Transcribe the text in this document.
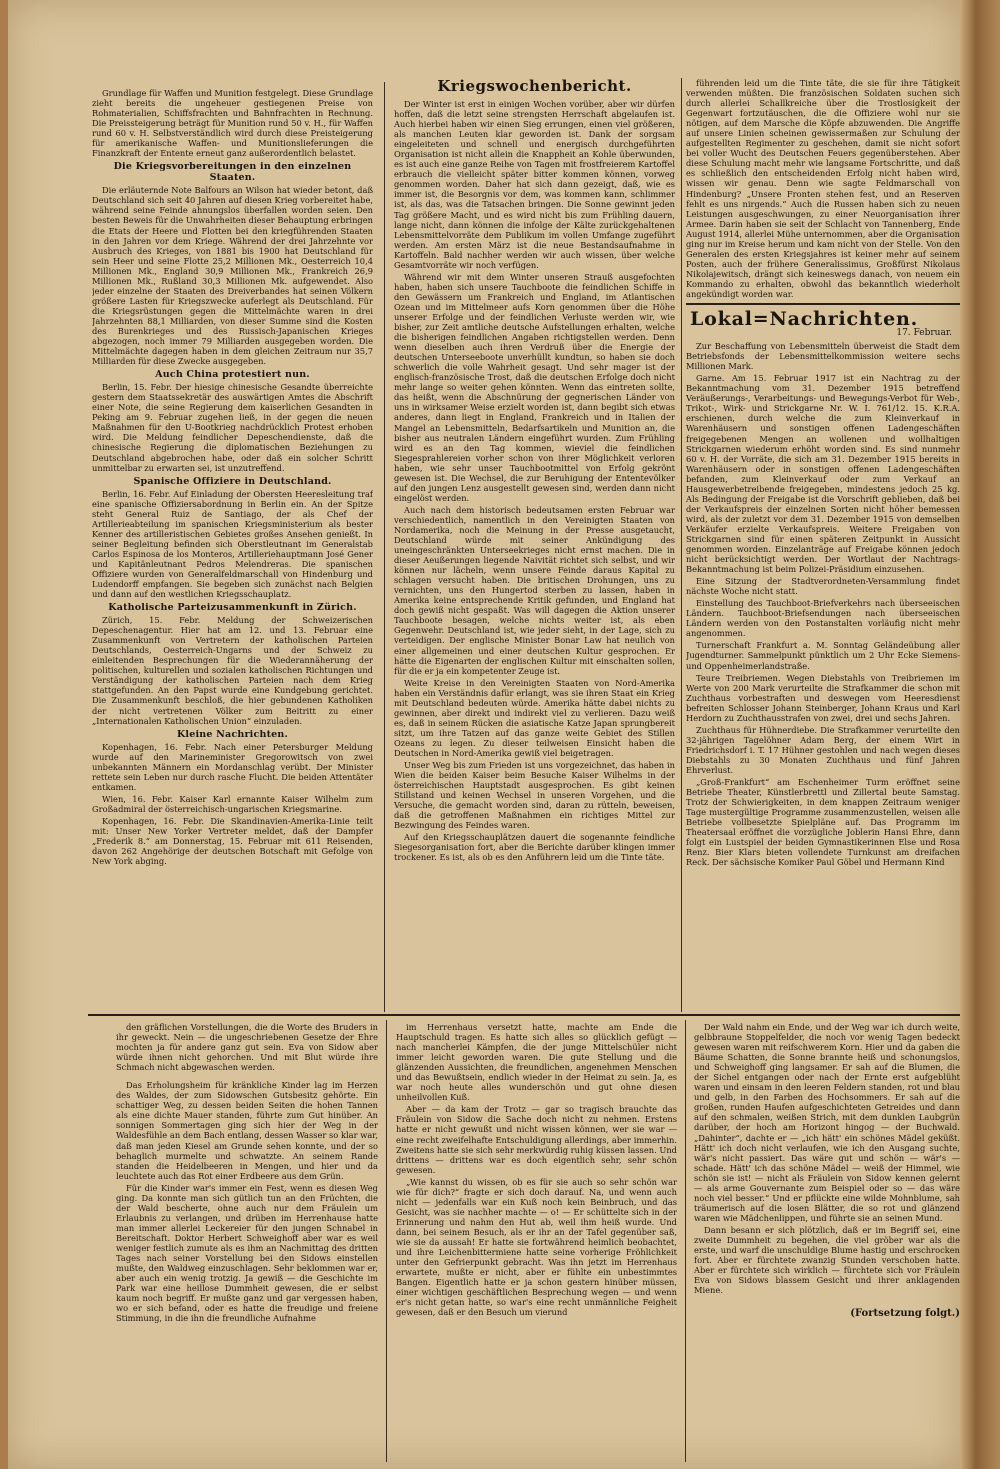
Grundlage für Waffen und Munition festgelegt. Diese Grundlage zieht bereits die ungeheuer gestiegenen Preise von Rohmaterialien, Schiffsfrachten und Bahnfrachten in Rechnung. Die Preissteigerung beträgt für Munition rund 50 v. H., für Waffen rund 60 v. H. Selbstverständlich wird durch diese Preisteigerung für amerikanische Waffen- und Munitionslieferungen die Finanzkraft der Entente erneut ganz außerordentlich belastet.

Die Kriegsvorbereitungen in den einzelnen Staaten.

Die erläuternde Note Balfours an Wilson hat wieder betont, daß Deutschland sich seit 40 Jahren auf diesen Krieg vorbereitet habe, während seine Feinde ahnungslos überfallen worden seien. Den besten Beweis für die Unwahrheiten dieser Behauptung erbringen die Etats der Heere und Flotten bei den kriegführenden Staaten in den Jahren vor dem Kriege. Während der drei Jahrzehnte vor Ausbruch des Krieges, von 1881 bis 1900 hat Deutschland für sein Heer und seine Flotte 25,2 Millionen Mk., Oesterreich 10,4 Millionen Mk., England 30,9 Millionen Mk., Frankreich 26,9 Millionen Mk., Rußland 30,3 Millionen Mk. aufgewendet. Also jeder einzelne der Staaten des Dreiverbandes hat seinen Völkern größere Lasten für Kriegszwecke auferlegt als Deutschland. Für die Kriegsrüstungen gegen die Mittelmächte waren in drei Jahrzehnten 88,1 Milliarden, von dieser Summe sind die Kosten des Burenkrieges und des Russisch-Japanischen Krieges abgezogen, noch immer 79 Milliarden ausgegeben worden. Die Mittelmächte dagegen haben in dem gleichen Zeitraum nur 35,7 Milliarden für diese Zwecke ausgegeben.

Auch China protestiert nun.

Berlin, 15. Febr. Der hiesige chinesische Gesandte überreichte gestern dem Staatssekretär des auswärtigen Amtes die Abschrift einer Note, die seine Regierung dem kaiserlichen Gesandten in Peking am 9. Februar zugehen ließ, in der gegen die neuen Maßnahmen für den U-Bootkrieg nachdrücklich Protest erhoben wird. Die Meldung feindlicher Depeschendienste, daß die chinesische Regierung die diplomatischen Beziehungen zu Deutschland abgebrochen habe, oder daß ein solcher Schritt unmittelbar zu erwarten sei, ist unzutreffend.

Spanische Offiziere in Deutschland.

Berlin, 16. Febr. Auf Einladung der Obersten Heeresleitung traf eine spanische Offiziersabordnung in Berlin ein. An der Spitze steht General Ruiz de Santiago, der als Chef der Artillerieabteilung im spanischen Kriegsministerium als bester Kenner des artilleristischen Gebietes großes Ansehen genießt. In seiner Begleitung befinden sich Oberstleutnant im Generalstab Carlos Espinosa de los Monteros, Artilleriehauptmann José Gener und Kapitänleutnant Pedros Melendreras. Die spanischen Offiziere wurden von Generalfeldmarschall von Hindenburg und Ludendorff empfangen. Sie begeben sich zunächst nach Belgien und dann auf den westlichen Kriegsschauplatz.

Katholische Parteizusammenkunft in Zürich.

Zürich, 15. Febr. Meldung der Schweizerischen Depeschenagentur. Hier hat am 12. und 13. Februar eine Zusammenkunft von Vertretern der katholischen Parteien Deutschlands, Oesterreich-Ungarns und der Schweiz zu einleitenden Besprechungen für die Wiederannäherung der politischen, kulturellen und sozialen katholischen Richtungen und Verständigung der katholischen Parteien nach dem Krieg stattgefunden. An den Papst wurde eine Kundgebung gerichtet. Die Zusammenkunft beschloß, die hier gebundenen Katholiken der nicht vertretenen Völker zum Beitritt zu einer „Internationalen Katholischen Union“ einzuladen.

Kleine Nachrichten.

Kopenhagen, 16. Febr. Nach einer Petersburger Meldung wurde auf den Marineminister Gregorowitsch von zwei unbekannten Männern ein Mordanschlag verübt. Der Minister rettete sein Leben nur durch rasche Flucht. Die beiden Attentäter entkamen.

Wien, 16. Febr. Kaiser Karl ernannte Kaiser Wilhelm zum Großadmiral der österreichisch-ungarischen Kriegsmarine.

Kopenhagen, 16. Febr. Die Skandinavien-Amerika-Linie teilt mit: Unser New Yorker Vertreter meldet, daß der Dampfer „Frederik 8.“ am Donnerstag, 15. Februar mit 611 Reisenden, davon 262 Angehörige der deutschen Botschaft mit Gefolge von New York abging.

Kriegswochenbericht.

Der Winter ist erst in einigen Wochen vorüber, aber wir dürfen hoffen, daß die letzt seine strengsten Herrschaft abgelaufen ist. Auch hierbei haben wir einen Sieg errungen, einen viel größeren, als manchen Leuten klar geworden ist. Dank der sorgsam eingeleiteten und schnell und energisch durchgeführten Organisation ist nicht allein die Knappheit an Kohle überwunden, es ist auch eine ganze Reihe von Tagen mit frostfreierem Kartoffel erbrauch die vielleicht später bitter kommen können, vorweg genommen worden. Daher hat sich dann gezeigt, daß, wie es immer ist, die Besorgnis vor dem, was kommen kann, schlimmer ist, als das, was die Tatsachen bringen. Die Sonne gewinnt jeden Tag größere Macht, und es wird nicht bis zum Frühling dauern, lange nicht, dann können die infolge der Kälte zurückgehaltenen Lebensmittelvorräte dem Publikum im vollen Umfange zugeführt werden. Am ersten März ist die neue Bestandsaufnahme in Kartoffeln. Bald nachher werden wir auch wissen, über welche Gesamtvorräte wir noch verfügen.

Während wir mit dem Winter unseren Strauß ausgefochten haben, haben sich unsere Tauchboote die feindlichen Schiffe in den Gewässern um Frankreich und England, im Atlantischen Ozean und im Mittelmeer aufs Korn genommen über die Höhe unserer Erfolge und der feindlichen Verluste werden wir, wie bisher, zur Zeit amtliche deutsche Aufstellungen erhalten, welche die bisherigen feindlichen Angaben richtigstellen werden. Denn wenn dieselben auch ihren Verdruß über die Energie der deutschen Unterseeboote unverhüllt kundtun, so haben sie doch schwerlich die volle Wahrheit gesagt. Und sehr mager ist der englisch-französische Trost, daß die deutschen Erfolge doch nicht mehr lange so weiter gehen könnten. Wenn das eintreten sollte, das heißt, wenn die Abschnürung der gegnerischen Länder von uns in wirksamer Weise erzielt worden ist, dann begibt sich etwas anderes, dann liegt in England, Frankreich und in Italien der Mangel an Lebensmitteln, Bedarfsartikeln und Munition an, die bisher aus neutralen Ländern eingeführt wurden. Zum Frühling wird es an den Tag kommen, wieviel die feindlichen Siegesprahlereien vorher schon von ihrer Möglichkeit verloren haben, wie sehr unser Tauchbootmittel von Erfolg gekrönt gewesen ist. Die Wechsel, die zur Beruhigung der Ententevölker auf den jungen Lenz ausgestellt gewesen sind, werden dann nicht eingelöst werden.

Auch nach dem historisch bedeutsamen ersten Februar war verschiedentlich, namentlich in den Vereinigten Staaten von Nordamerika, noch die Meinung in der Presse ausgetaucht, Deutschland würde mit seiner Ankündigung des uneingeschränkten Unterseekrieges nicht ernst machen. Die in dieser Aeußerungen liegende Naivität richtet sich selbst, und wir können nur lächeln, wenn unsere Feinde daraus Kapital zu schlagen versucht haben. Die britischen Drohungen, uns zu vernichten, uns den Hungertod sterben zu lassen, haben in Amerika keine entsprechende Kritik gefunden, und England hat doch gewiß nicht gespaßt. Was will dagegen die Aktion unserer Tauchboote besagen, welche nichts weiter ist, als eben Gegenwehr. Deutschland ist, wie jeder sieht, in der Lage, sich zu verteidigen. Der englische Minister Bonar Law hat neulich von einer allgemeinen und einer deutschen Kultur gesprochen. Er hätte die Eigenarten der englischen Kultur mit einschalten sollen, für die er ja ein kompetenter Zeuge ist.

Weite Kreise in den Vereinigten Staaten von Nord-Amerika haben ein Verständnis dafür erlangt, was sie ihren Staat ein Krieg mit Deutschland bedeuten würde. Amerika hätte dabei nichts zu gewinnen, aber direkt und indirekt viel zu verlieren. Dazu weiß es, daß in seinem Rücken die asiatische Katze Japan sprungbereit sitzt, um ihre Tatzen auf das ganze weite Gebiet des Stillen Ozeans zu legen. Zu dieser teilweisen Einsicht haben die Deutschen in Nord-Amerika gewiß viel beigetragen.

Unser Weg bis zum Frieden ist uns vorgezeichnet, das haben in Wien die beiden Kaiser beim Besuche Kaiser Wilhelms in der österreichischen Hauptstadt ausgesprochen. Es gibt keinen Stillstand und keinen Wechsel in unseren Vorgehen, und die Versuche, die gemacht worden sind, daran zu rütteln, beweisen, daß die getroffenen Maßnahmen ein richtiges Mittel zur Bezwingung des Feindes waren.

Auf den Kriegsschauplätzen dauert die sogenannte feindliche Siegesorganisation fort, aber die Berichte darüber klingen immer trockener. Es ist, als ob es den Anführern leid um die Tinte täte.

führenden leid um die Tinte täte, die sie für ihre Tätigkeit verwenden müßten. Die französischen Soldaten suchen sich durch allerlei Schallkreiche über die Trostlosigkeit der Gegenwart fortzutäuschen, die die Offiziere wohl nur sie nötigen, auf dem Marsche die Köpfe abzuwenden. Die Angriffe auf unsere Linien scheinen gewissermaßen zur Schulung der aufgestellten Regimenter zu geschehen, damit sie nicht sofort bei voller Wucht des Deutschen Feuers gegenüberstehen. Aber diese Schulung macht mehr wie langsame Fortschritte, und daß es schließlich den entscheidenden Erfolg nicht haben wird, wissen wir genau. Denn wie sagte Feldmarschall von Hindenburg? „Unsere Fronten stehen fest, und an Reserven fehlt es uns nirgends.“ Auch die Russen haben sich zu neuen Leistungen ausgeschwungen, zu einer Neuorganisation ihrer Armee. Darin haben sie seit der Schlacht von Tannenberg, Ende August 1914, allerlei Mühe unternommen, aber die Organisation ging nur im Kreise herum und kam nicht von der Stelle. Von den Generalen des ersten Kriegsjahres ist keiner mehr auf seinem Posten, auch der frühere Generalissimus, Großfürst Nikolaus Nikolajewitsch, drängt sich keineswegs danach, von neuem ein Kommando zu erhalten, obwohl das bekanntlich wiederholt angekündigt worden war.

Lokal=Nachrichten.
17. Februar.

Zur Beschaffung von Lebensmitteln überweist die Stadt dem Betriebsfonds der Lebensmittelkommission weitere sechs Millionen Mark.

Garne. Am 15. Februar 1917 ist ein Nachtrag zu der Bekanntmachung vom 31. Dezember 1915 betreffend Veräußerungs-, Verarbeitungs- und Bewegungs-Verbot für Web-, Trikot-, Wirk- und Strickgarne Nr. W. I. 761/12. 15. K.R.A. erschienen, durch welche die zum Kleinverkauf in Warenhäusern und sonstigen offenen Ladengeschäften freigegebenen Mengen an wollenen und wollhaltigen Strickgarnen wiederum erhöht worden sind. Es sind nunmehr 60 v. H. der Vorräte, die sich am 31. Dezember 1915 bereits in Warenhäusern oder in sonstigen offenen Ladengeschäften befanden, zum Kleinverkauf oder zum Verkauf an Hausgewerbetreibende freigegeben, mindestens jedoch 25 kg. Als Bedingung der Freigabe ist die Vorschrift geblieben, daß bei der Verkaufspreis der einzelnen Sorten nicht höher bemessen wird, als der zuletzt vor dem 31. Dezember 1915 von demselben Verkäufer erzielte Verkaufspreis. Weitere Freigaben von Strickgarnen sind für einen späteren Zeitpunkt in Aussicht genommen worden. Einzelanträge auf Freigabe können jedoch nicht berücksichtigt werden. Der Wortlaut der Nachtrags-Bekanntmachung ist beim Polizei-Präsidium einzusehen.

Eine Sitzung der Stadtverordneten-Versammlung findet nächste Woche nicht statt.

Einstellung des Tauchboot-Briefverkehrs nach überseeischen Ländern. Tauchboot-Briefsendungen nach überseeischen Ländern werden von den Postanstalten vorläufig nicht mehr angenommen.

Turnerschaft Frankfurt a. M. Sonntag Geländeübung aller Jugendturner. Sammelpunkt pünktlich um 2 Uhr Ecke Siemens- und Oppenheimerlandstraße.

Teure Treibriemen. Wegen Diebstahls von Treibriemen im Werte von 200 Mark verurteilte die Strafkammer die schon mit Zuchthaus vorbestraften und deswegen vom Heeresdienst befreiten Schlosser Johann Steinberger, Johann Kraus und Karl Herdorn zu Zuchthausstrafen von zwei, drei und sechs Jahren.

Zuchthaus für Hühnerdiebe. Die Strafkammer verurteilte den 32-jährigen Tagelöhner Adam Berg, der einem Wirt in Friedrichsdorf i. T. 17 Hühner gestohlen und nach wegen dieses Diebstahls zu 30 Monaten Zuchthaus und fünf Jahren Ehrverlust.

„Groß-Frankfurt“ am Eschenheimer Turm eröffnet seine Betriebe Theater, Künstlerbrettl und Zillertal beute Samstag. Trotz der Schwierigkeiten, in dem knappen Zeitraum weniger Tage mustergültige Programme zusammenzustellen, weisen alle Betriebe vollbesetzte Spielpläne auf. Das Programm im Theatersaal eröffnet die vorzügliche Joblerin Hansi Ehre, dann folgt ein Lustspiel der beiden Gymnastikerinnen Else und Rosa Renz. Bier Klars bieten vollendete Turnkunst am dreifachen Reck. Der sächsische Komiker Paul Göbel und Hermann Kind

den gräflichen Vorstellungen, die die Worte des Bruders in ihr geweckt. Nein — die ungeschriebenen Gesetze der Ehre mochten ja für andere ganz gut sein. Eva von Sidow aber würde ihnen nicht gehorchen. Und mit Blut würde ihre Schmach nicht abgewaschen werden.

Das Erholungsheim für kränkliche Kinder lag im Herzen des Waldes, der zum Sidowschen Gutsbesitz gehörte. Ein schattiger Weg, zu dessen beiden Seiten die hohen Tannen als eine dichte Mauer standen, führte zum Gut hinüber. An sonnigen Sommertagen ging sich hier der Weg in der Waldesfühle an dem Bach entlang, dessen Wasser so klar war, daß man jeden Kiesel am Grunde sehen konnte, und der so behaglich murmelte und schwatzte. An seinem Rande standen die Heidelbeeren in Mengen, und hier und da leuchtete auch das Rot einer Erdbeere aus dem Grün.

Für die Kinder war's immer ein Fest, wenn es diesen Weg ging. Da konnte man sich gütlich tun an den Früchten, die der Wald bescherte, ohne auch nur dem Fräulein um Erlaubnis zu verlangen, und drüben im Herrenhause hatte man immer allerlei Leckereier für den jungen Schnabel in Bereitschaft. Doktor Herbert Schweighoff aber war es weil weniger festlich zumute als es ihm an Nachmittag des dritten Tages nach seiner Vorstellung bei den Sidows einstellen mußte, den Waldweg einzuschlagen. Sehr beklommen war er, aber auch ein wenig trotzig. Ja gewiß — die Geschichte im Park war eine heillose Dummheit gewesen, die er selbst kaum noch begriff. Er mußte ganz und gar vergessen haben, wo er sich befand, oder es hatte die freudige und freiene Stimmung, in die ihn die freundliche Aufnahme

im Herrenhaus versetzt hatte, machte am Ende die Hauptschuld tragen. Es hatte sich alles so glücklich gefügt — nach mancherlei Kämpfen, die der junge Mittelschüler nicht immer leicht geworden waren. Die gute Stellung und die glänzenden Aussichten, die freundlichen, angenehmen Menschen und das Bewußtsein, endlich wieder in der Heimat zu sein. Ja, es war noch heute alles wunderschön und gut ohne diesen unheilvollen Kuß.

Aber — da kam der Trotz — gar so tragisch brauchte das Fräulein von Sidow die Sache doch nicht zu nehmen. Erstens hatte er nicht gewußt und nicht wissen können, wer sie war — eine recht zweifelhafte Entschuldigung allerdings, aber immerhin. Zweitens hatte sie sich sehr merkwürdig ruhig küssen lassen. Und drittens — drittens war es doch eigentlich sehr, sehr schön gewesen.

„Wie kannst du wissen, ob es für sie auch so sehr schön war wie für dich?“ fragte er sich doch darauf. Na, und wenn auch nicht — jedenfalls war ein Kuß noch kein Beinbruch, und das Gesicht, was sie nachher machte — o! — Er schüttelte sich in der Erinnerung und nahm den Hut ab, weil ihm heiß wurde. Und dann, bei seinem Besuch, als er ihr an der Tafel gegenüber saß, wie sie da aussah! Er hatte sie fortwährend heimlich beobachtet, und ihre Leichenbittermiene hatte seine vorherige Fröhlichkeit unter den Gefrierpunkt gebracht. Was ihn jetzt im Herrenhaus erwartete, mußte er nicht, aber er fühlte ein unbestimmtes Bangen. Eigentlich hatte er ja schon gestern hinüber müssen, einer wichtigen geschäftlichen Besprechung wegen — und wenn er's nicht getan hatte, so war's eine recht unmännliche Feigheit gewesen, daß er den Besuch um vierund

Der Wald nahm ein Ende, und der Weg war ich durch weite, gelbbraune Stoppelfelder, die noch vor wenig Tagen bedeckt gewesen waren mit reifschwerem Korn. Hier und da gaben die Bäume Schatten, die Sonne brannte heiß und schonungslos, und Schweighoff ging langsamer. Er sah auf die Blumen, die der Sichel entgangen oder nach der Ernte erst aufgeblüht waren und einsam in den leeren Feldern standen, rot und blau und gelb, in den Farben des Hochsommers. Er sah auf die großen, runden Haufen aufgeschichteten Getreides und dann auf den schmalen, weißen Strich, mit dem dunklen Laubgrün darüber, der hoch am Horizont hingog — der Buchwald. „Dahinter“, dachte er — „ich hätt' ein schönes Mädel geküßt. Hätt' ich doch nicht verlaufen, wie ich den Ausgang suchte, wär's nicht passiert. Das wäre gut und schön — wär's — schade. Hätt' ich das schöne Mädel — weiß der Himmel, wie schön sie ist! — nicht als Fräulein von Sidow kennen gelernt — als arme Gouvernante zum Beispiel oder so — das wäre noch viel besser.“ Und er pflückte eine wilde Mohnblume, sah träumerisch auf die losen Blätter, die so rot und glänzend waren wie Mädchenlippen, und führte sie an seinen Mund.

Dann besann er sich plötzlich, daß er im Begriff sei, eine zweite Dummheit zu begehen, die viel gröber war als die erste, und warf die unschuldige Blume hastig und erschrocken fort. Aber er fürchtete zwanzig Stunden verschoben hatte. Aber er fürchtete sich wirklich — fürchtete sich vor Fräulein Eva von Sidows blassem Gesicht und ihrer anklagenden Miene.

(Fortsetzung folgt.)
